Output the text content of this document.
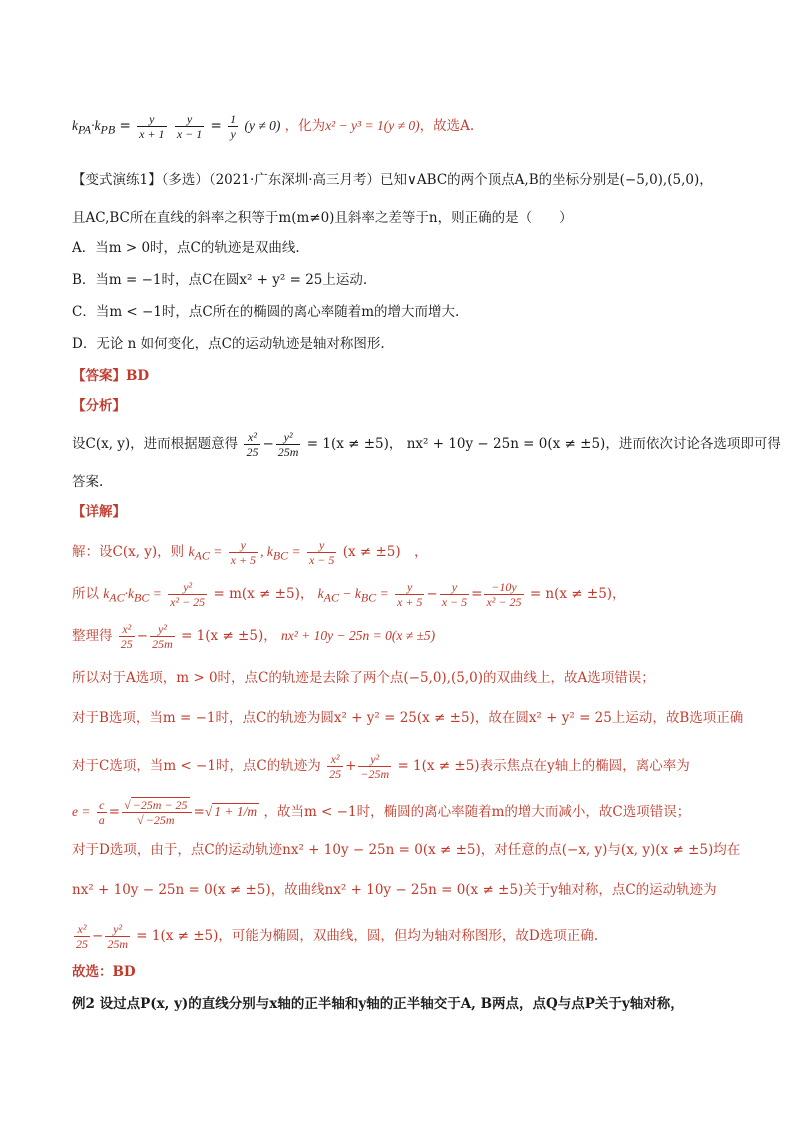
$k_{PA}\cdot k_{PB} = \frac{y}{x + 1}$
$\frac{y}{x - 1} = \frac{1}{y} (y \ne 0)$ ，化为x² − y³ = 1(y ≠ 0)，故选A.
【变式演练1】（多选）（2021·广东深圳·高三月考）已知∨ABC的两个顶点A,B的坐标分别是(−5,0),(5,0)，
且AC,BC所在直线的斜率之积等于m(m≠0)且斜率之差等于n，则正确的是（　　）
A．当m > 0时，点C的轨迹是双曲线.
B．当m = −1时，点C在圆x² + y² = 25上运动.
C．当m < −1时，点C所在的椭圆的离心率随着m的增大而增大.
D．无论 n 如何变化，点C的运动轨迹是轴对称图形.
【答案】BD
【分析】
设C(x, y)，进而根据题意得 $\frac{\text{x²}}{25} - \frac{\text{y²}}{25m} = 1(x \ne \pm 5)$， nx² + 10y − 25n = 0(x ≠ ±5)，进而依次讨论各选项即可得
答案.
【详解】
解：设C(x, y)，则 $k_{AC} = \frac{y}{x + 5}$ , $k_{BC} = \frac{y}{x - 5} (x \ne \pm 5)$　，
所以 $k_{AC}\cdot k_{BC} = \frac{\text{y²}}{\text{x² − 25}} = m(x \ne \pm 5)$， $k_{AC} - k_{BC} = \frac{y}{x + 5} - \frac{y}{x - 5} = \frac{-10y}{\text{x² − 25}} = n(x \ne \pm 5)$，
整理得 $\frac{\text{x²}}{25} - \frac{\text{y²}}{25m} = 1(x \ne \pm 5)$， nx² + 10y − 25n = 0(x ≠ ±5)
所以对于A选项，m > 0时，点C的轨迹是去除了两个点(−5,0),(5,0)的双曲线上，故A选项错误；
对于B选项，当m = −1时，点C的轨迹为圆x² + y² = 25(x ≠ ±5)，故在圆x² + y² = 25上运动，故B选项正确
对于C选项，当m < −1时，点C的轨迹为 $\frac{\text{x²}}{25} + \frac{\text{y²}}{-25m} = 1(x \ne \pm 5)$表示焦点在y轴上的椭圆，离心率为
$e = \frac{c}{a} = \frac{√ -25m - 25}{√ -25m}$ =√ 1 + 1/m ，故当m < −1时，椭圆的离心率随着m的增大而减小，故C选项错误；
对于D选项，由于，点C的运动轨迹nx² + 10y − 25n = 0(x ≠ ±5)，对任意的点(−x, y)与(x, y)(x ≠ ±5)均在
nx² + 10y − 25n = 0(x ≠ ±5)，故曲线nx² + 10y − 25n = 0(x ≠ ±5)关于y轴对称，点C的运动轨迹为
$\frac{\text{x²}}{25} - \frac{\text{y²}}{25m} = 1(x \ne \pm 5)$，可能为椭圆，双曲线，圆，但均为轴对称图形，故D选项正确.
故选：BD
例2 设过点P(x, y)的直线分别与x轴的正半轴和y轴的正半轴交于A, B两点，点Q与点P关于y轴对称，
